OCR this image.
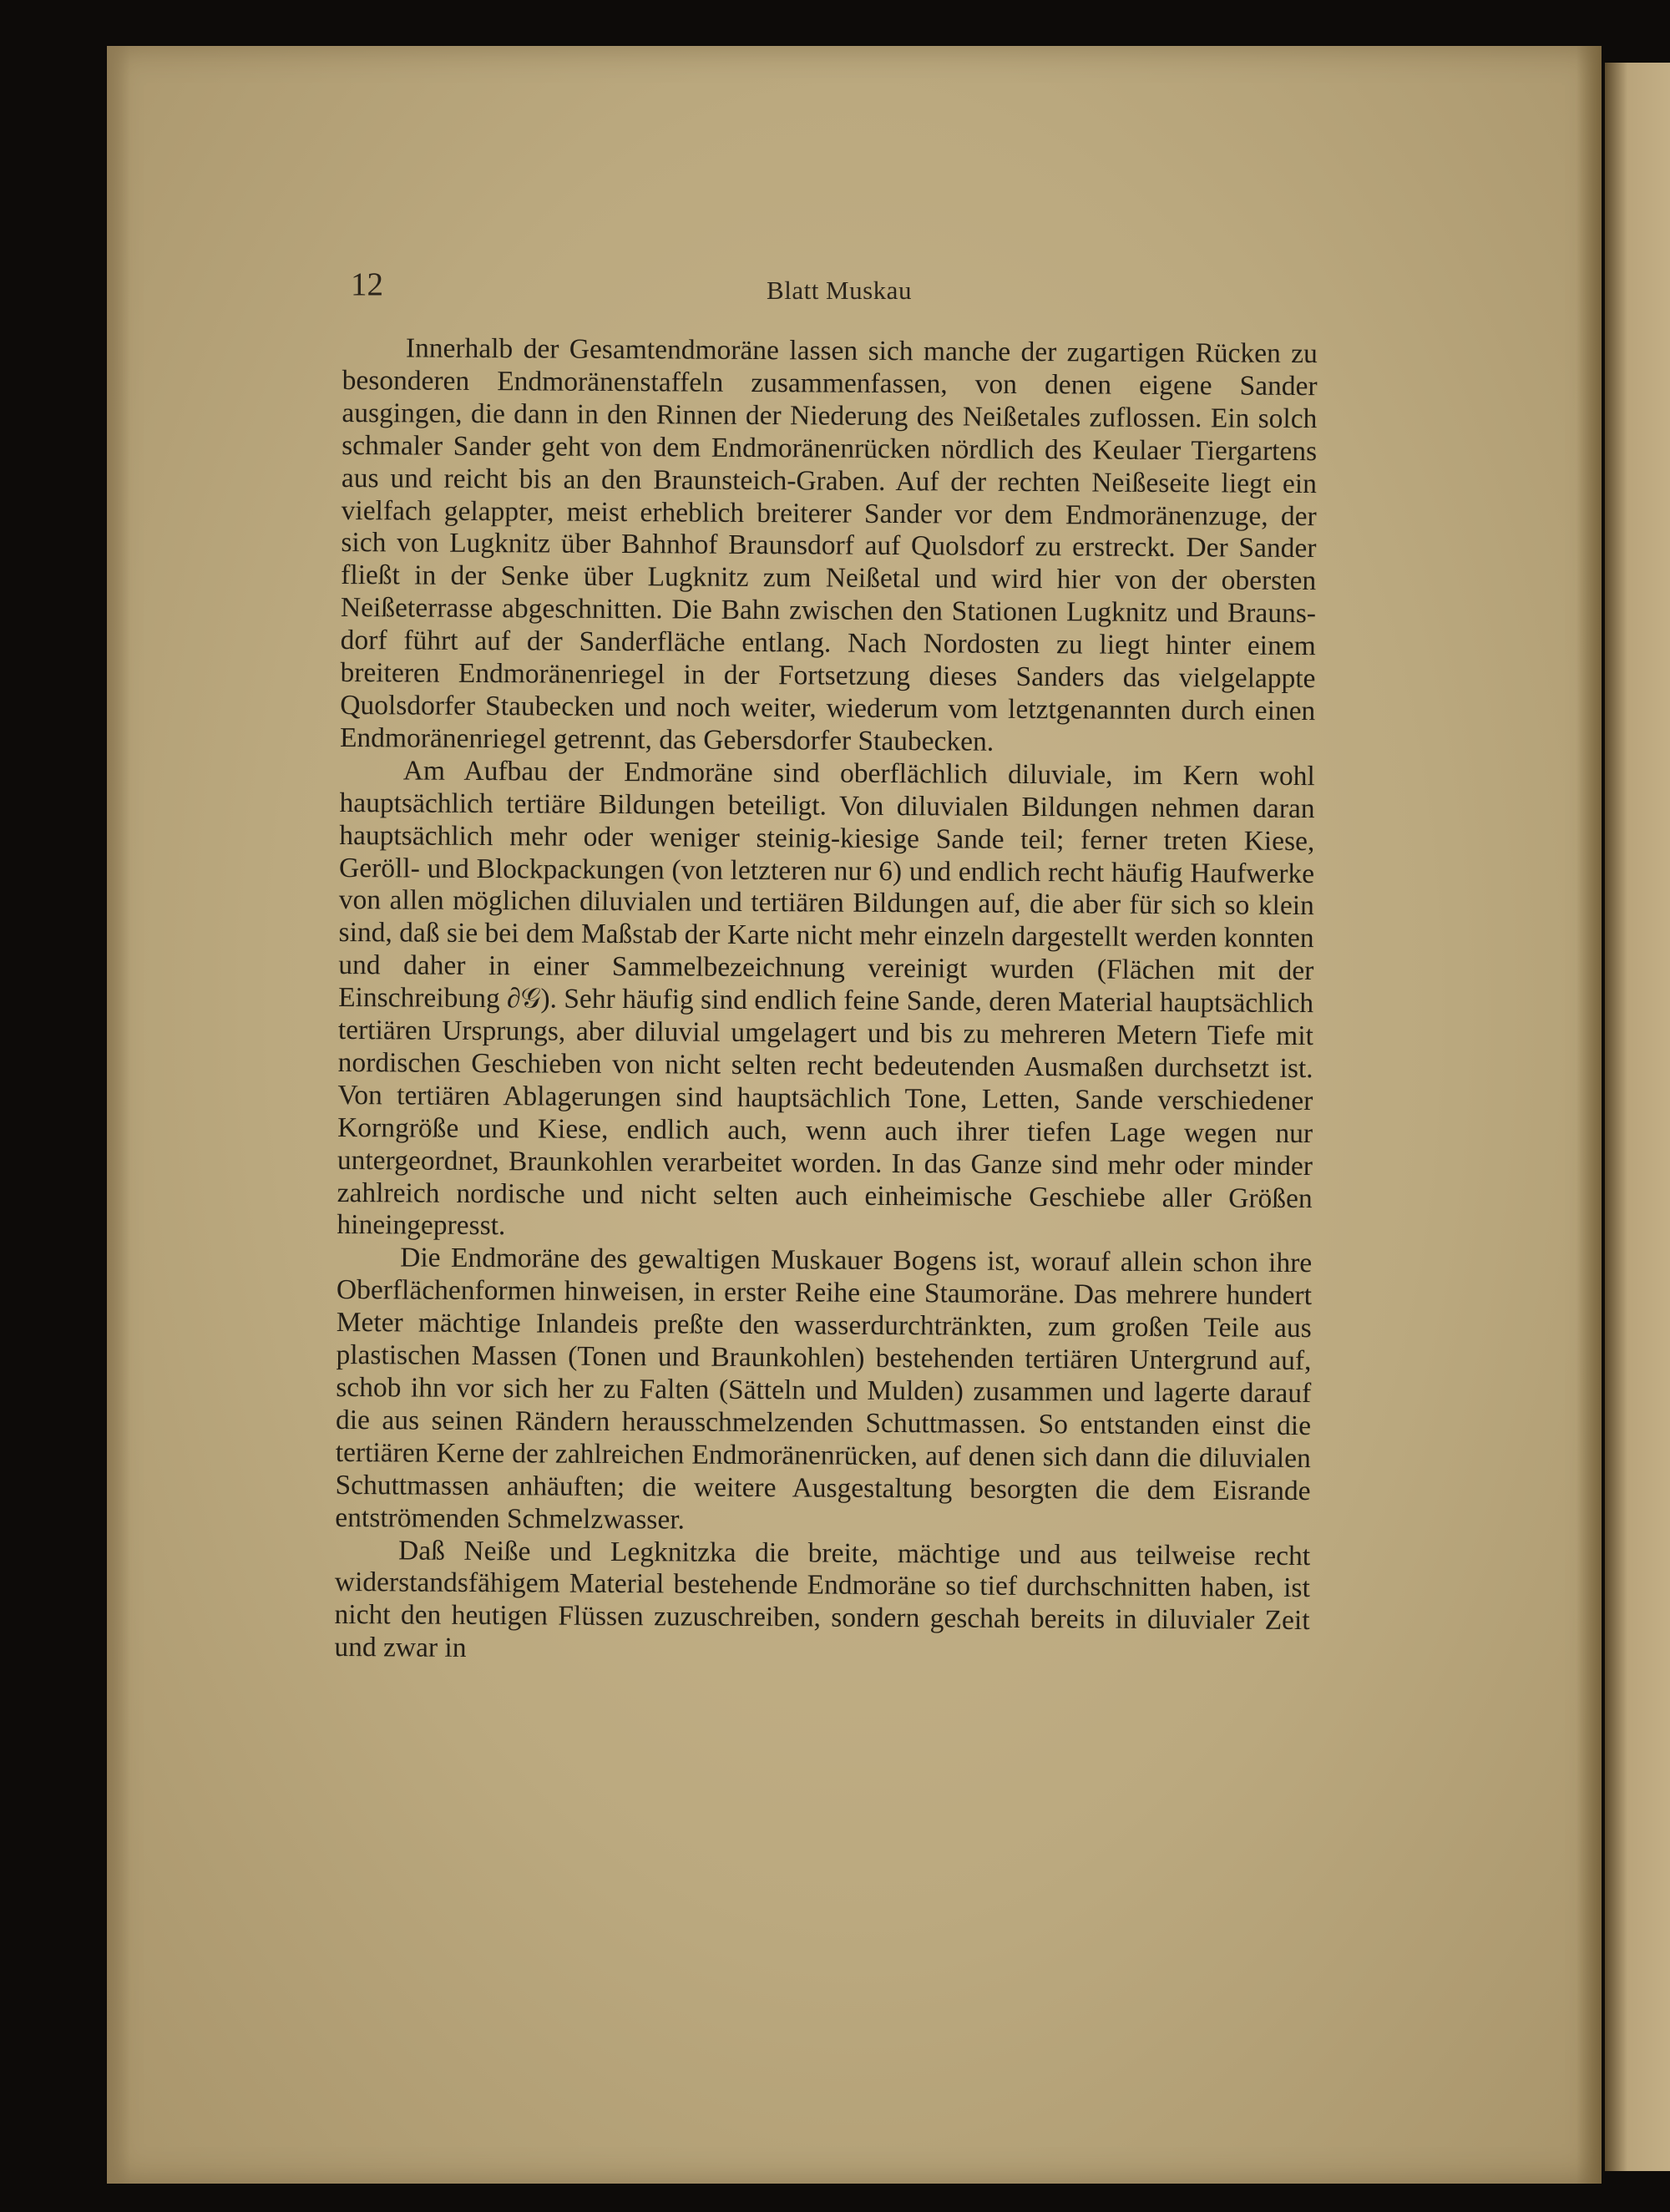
12	Blatt Muskau

Innerhalb der Gesamtendmoräne lassen sich manche der zugartigen Rücken zu besonderen Endmoränenstaffeln zusammenfassen, von denen eigene Sander ausgingen, die dann in den Rinnen der Niederung des Neißetales zuflossen. Ein solch schmaler Sander geht von dem Endmoränenrücken nördlich des Keulaer Tiergartens aus und reicht bis an den Braunsteich-Graben. Auf der rechten Neißeseite liegt ein vielfach gelappter, meist erheblich breiterer Sander vor dem Endmoränenzuge, der sich von Lugknitz über Bahnhof Braunsdorf auf Quolsdorf zu erstreckt. Der Sander fließt in der Senke über Lugknitz zum Neißetal und wird hier von der obersten Neißeterrasse abgeschnitten. Die Bahn zwischen den Stationen Lugknitz und Braunsdorf führt auf der Sanderfläche entlang. Nach Nordosten zu liegt hinter einem breiteren Endmoränenriegel in der Fortsetzung dieses Sanders das vielgelappte Quolsdorfer Staubecken und noch weiter, wiederum vom letztgenannten durch einen Endmoränenriegel getrennt, das Gebersdorfer Staubecken.

Am Aufbau der Endmoräne sind oberflächlich diluviale, im Kern wohl hauptsächlich tertiäre Bildungen beteiligt. Von diluvialen Bildungen nehmen daran hauptsächlich mehr oder weniger steinig-kiesige Sande teil; ferner treten Kiese, Geröll- und Blockpackungen (von letzteren nur 6) und endlich recht häufig Haufwerke von allen möglichen diluvialen und tertiären Bildungen auf, die aber für sich so klein sind, daß sie bei dem Maßstab der Karte nicht mehr einzeln dargestellt werden konnten und daher in einer Sammelbezeichnung vereinigt wurden (Flächen mit der Einschreibung ∂𝒢). Sehr häufig sind endlich feine Sande, deren Material hauptsächlich tertiären Ursprungs, aber diluvial umgelagert und bis zu mehreren Metern Tiefe mit nordischen Geschieben von nicht selten recht bedeutenden Ausmaßen durchsetzt ist. Von tertiären Ablagerungen sind hauptsächlich Tone, Letten, Sande verschiedener Korngröße und Kiese, endlich auch, wenn auch ihrer tiefen Lage wegen nur untergeordnet, Braunkohlen verarbeitet worden. In das Ganze sind mehr oder minder zahlreich nordische und nicht selten auch einheimische Geschiebe aller Größen hineingepresst.

Die Endmoräne des gewaltigen Muskauer Bogens ist, worauf allein schon ihre Oberflächenformen hinweisen, in erster Reihe eine Staumoräne. Das mehrere hundert Meter mächtige Inlandeis preßte den wasserdurchtränkten, zum großen Teile aus plastischen Massen (Tonen und Braunkohlen) bestehenden tertiären Untergrund auf, schob ihn vor sich her zu Falten (Sätteln und Mulden) zusammen und lagerte darauf die aus seinen Rändern herausschmelzenden Schuttmassen. So entstanden einst die tertiären Kerne der zahlreichen Endmoränenrücken, auf denen sich dann die diluvialen Schuttmassen anhäuften; die weitere Ausgestaltung besorgten die dem Eisrande entströmenden Schmelzwasser.

Daß Neiße und Legknitzka die breite, mächtige und aus teilweise recht widerstandsfähigem Material bestehende Endmoräne so tief durchschnitten haben, ist nicht den heutigen Flüssen zuzuschreiben, sondern geschah bereits in diluvialer Zeit und zwar in
